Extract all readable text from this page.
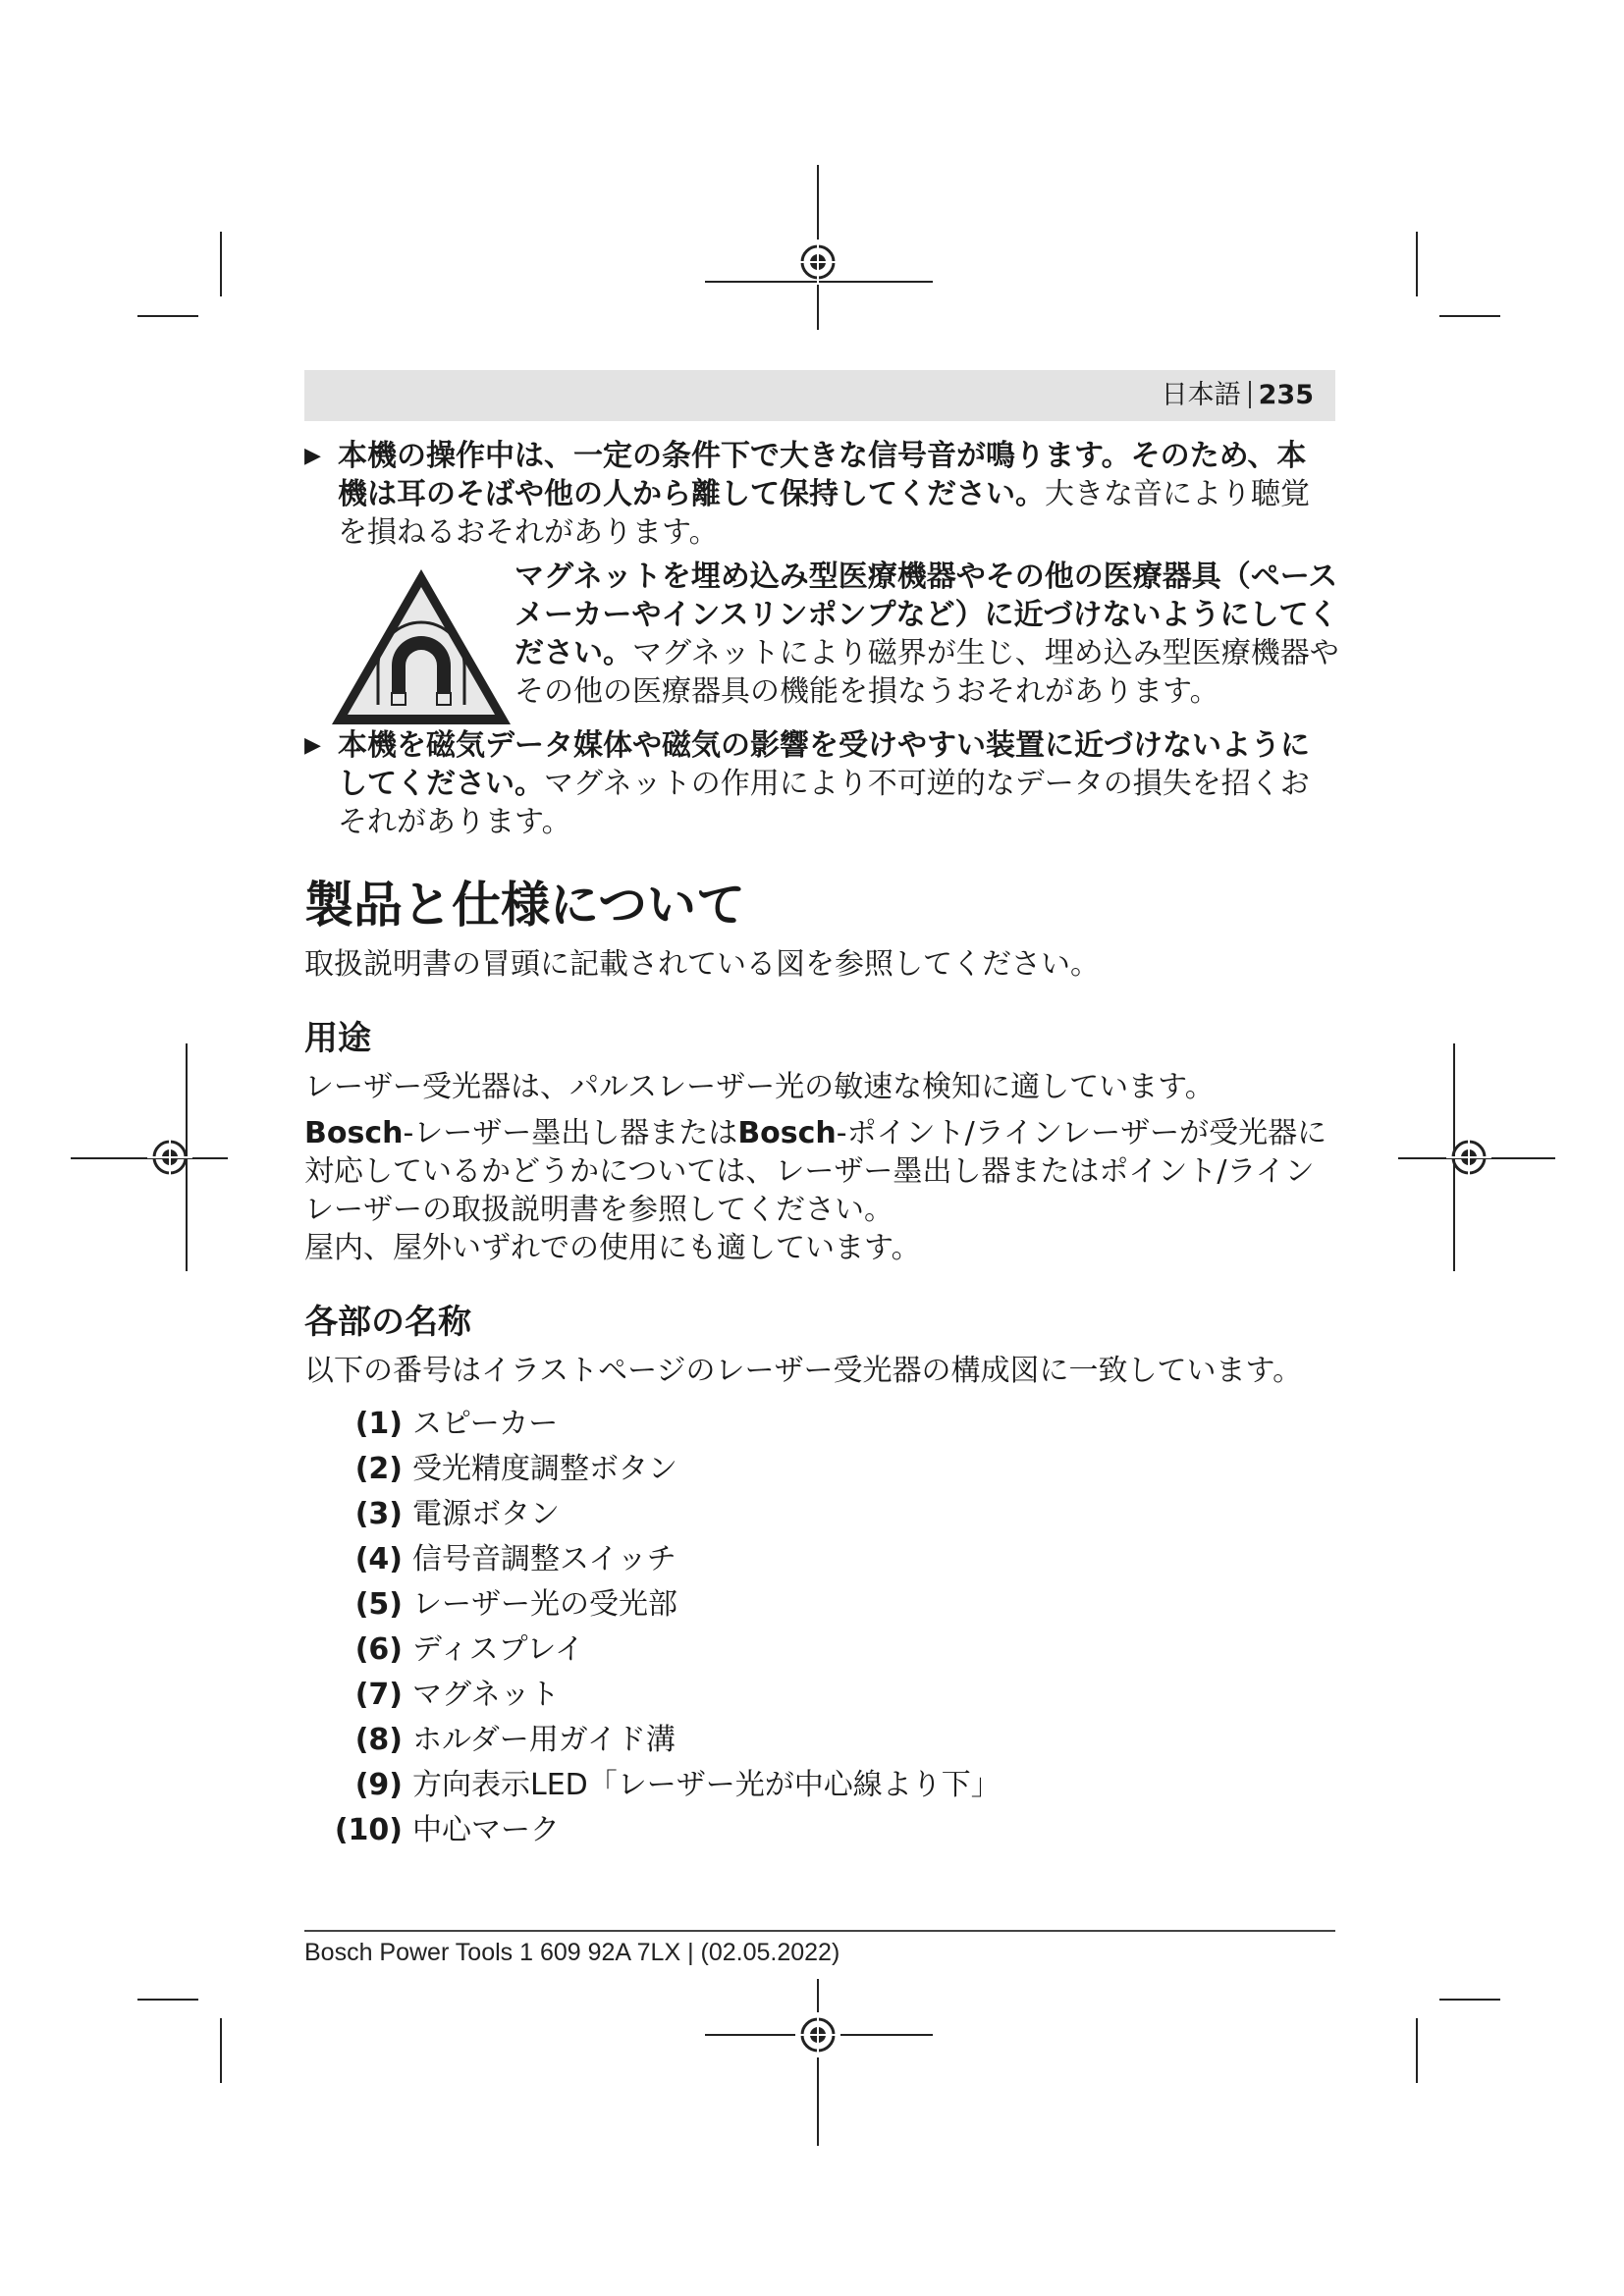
日本語 235

▶ 本機の操作中は、一定の条件下で大きな信号音が鳴ります。そのため、本機は耳のそばや他の人から離して保持してください。大きな音により聴覚を損ねるおそれがあります。

マグネットを埋め込み型医療機器やその他の医療器具（ペースメーカーやインスリンポンプなど）に近づけないようにしてください。マグネットにより磁界が生じ、埋め込み型医療機器やその他の医療器具の機能を損なうおそれがあります。

▶ 本機を磁気データ媒体や磁気の影響を受けやすい装置に近づけないようにしてください。マグネットの作用により不可逆的なデータの損失を招くおそれがあります。

製品と仕様について

取扱説明書の冒頭に記載されている図を参照してください。

用途

レーザー受光器は、パルスレーザー光の敏速な検知に適しています。

Bosch-レーザー墨出し器またはBosch-ポイント/ラインレーザーが受光器に対応しているかどうかについては、レーザー墨出し器またはポイント/ラインレーザーの取扱説明書を参照してください。

屋内、屋外いずれでの使用にも適しています。

各部の名称

以下の番号はイラストページのレーザー受光器の構成図に一致しています。

(1) スピーカー
(2) 受光精度調整ボタン
(3) 電源ボタン
(4) 信号音調整スイッチ
(5) レーザー光の受光部
(6) ディスプレイ
(7) マグネット
(8) ホルダー用ガイド溝
(9) 方向表示LED「レーザー光が中心線より下」
(10) 中心マーク
Bosch Power Tools 1 609 92A 7LX | (02.05.2022)
